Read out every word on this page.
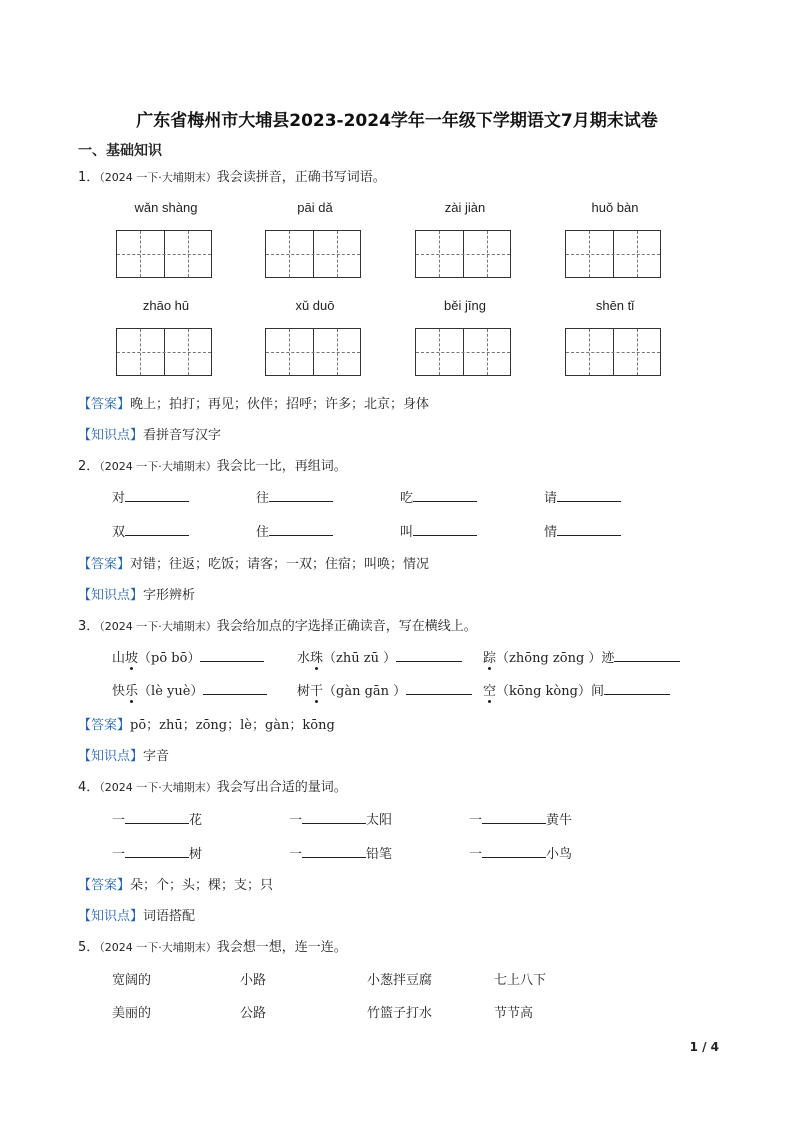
广东省梅州市大埔县2023-2024学年一年级下学期语文7月期末试卷
一、基础知识
1．（2024 一下·大埔期末）我会读拼音，正确书写词语。
wǎn shàng	pāi dǎ	zài jiàn	huǒ bàn
zhāo hū	xǔ duō	běi jīng	shēn tǐ
【答案】晚上；拍打；再见；伙伴；招呼；许多；北京；身体
【知识点】看拼音写汉字
2．（2024 一下·大埔期末）我会比一比，再组词。
对	往	吃	请
双	住	叫	情
【答案】对错；往返；吃饭；请客；一双；住宿；叫唤；情况
【知识点】字形辨析
3．（2024 一下·大埔期末）我会给加点的字选择正确读音，写在横线上。
山坡（pō bō）	水珠（zhū zū ）	踪（zhōng zōng ）迹
快乐（lè yuè）	树干（gàn gān ）	空（kōng kòng）间
【答案】pō；zhū；zōng；lè；gàn；kōng
【知识点】字音
4．（2024 一下·大埔期末）我会写出合适的量词。
一	花	一	太阳	一	黄牛
一	树	一	铅笔	一	小鸟
【答案】朵；个；头；棵；支；只
【知识点】词语搭配
5．（2024 一下·大埔期末）我会想一想，连一连。
宽阔的	小路	小葱拌豆腐	七上八下
美丽的	公路	竹篮子打水	节节高
1 / 4
